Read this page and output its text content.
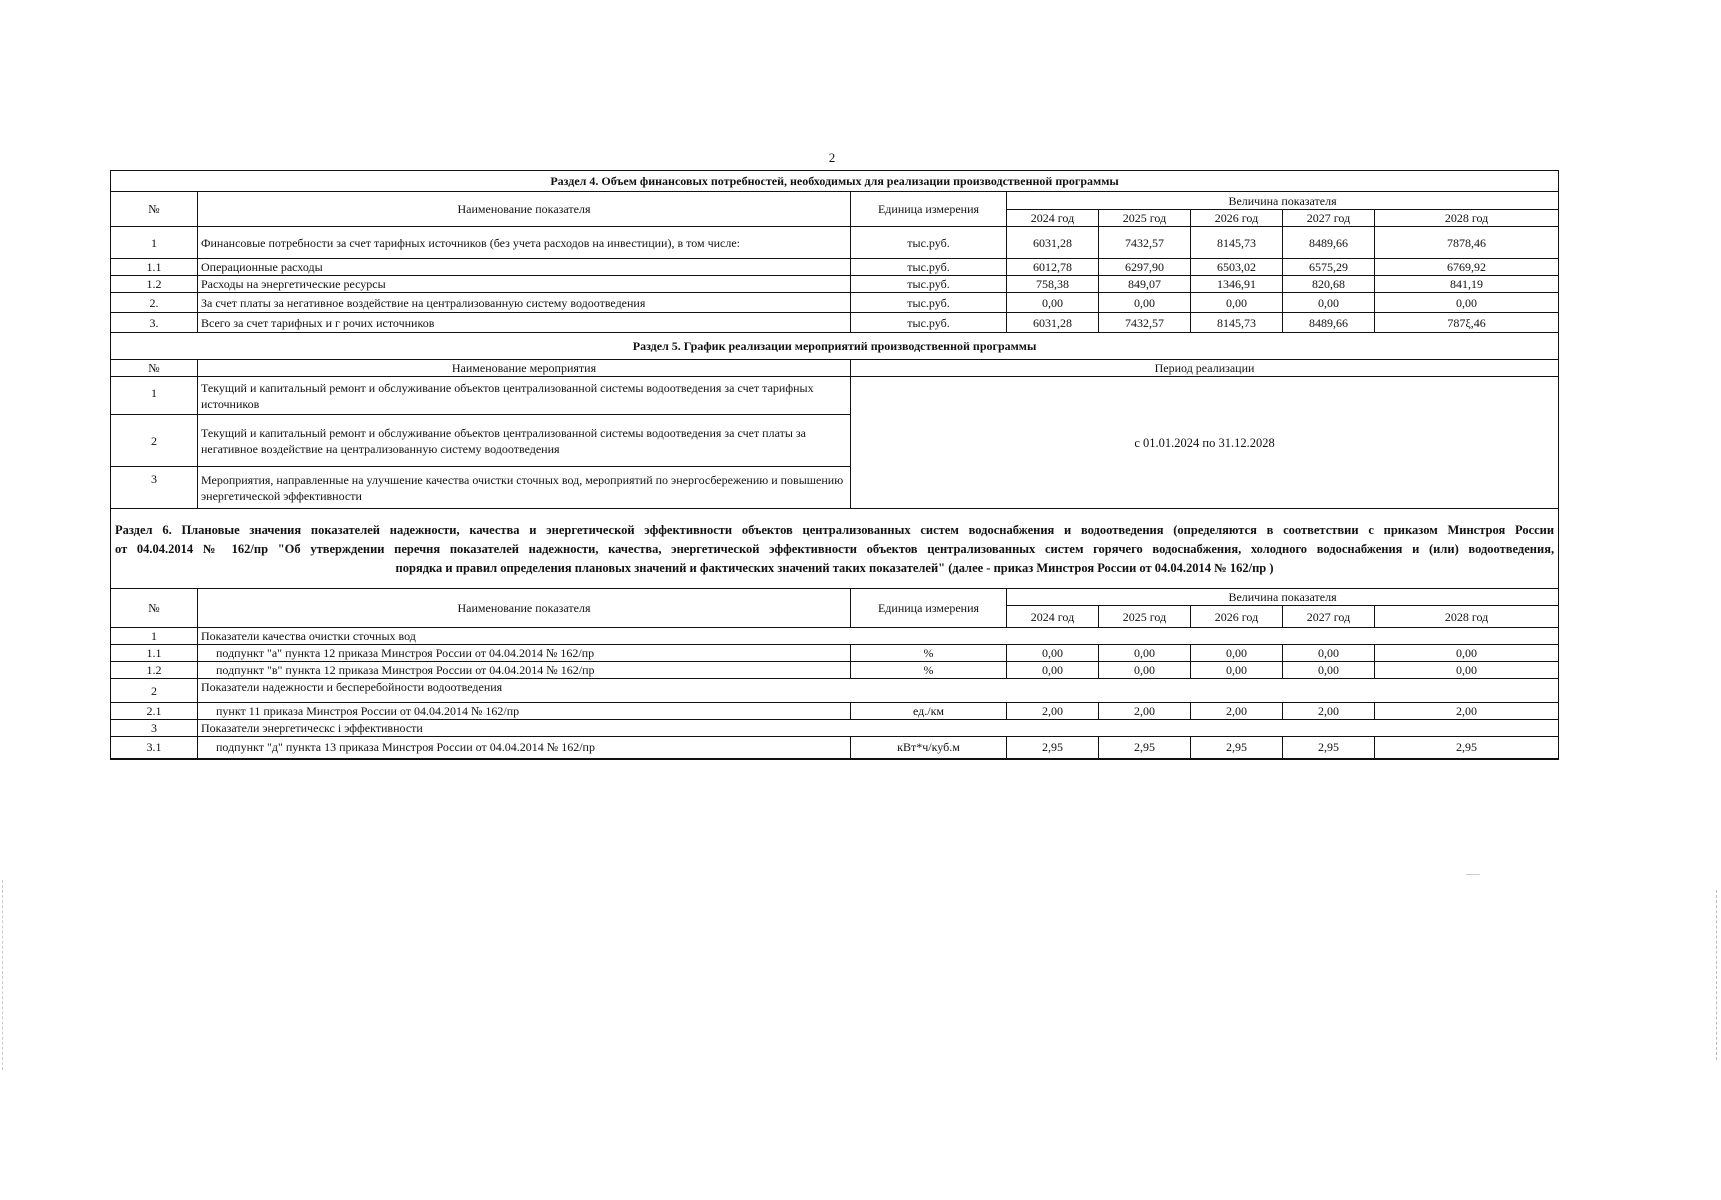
2
Раздел 4. Объем финансовых потребностей, необходимых для реализации производственной программы							
№	Наименование показателя	Единица измерения	Величина показателя				
			2024 год	2025 год	2026 год	2027 год	2028 год
1	Финансовые потребности за счет тарифных источников (без учета расходов на инвестиции), в том числе:	тыс.руб.	6031,28	7432,57	8145,73	8489,66	7878,46
1.1	Операционные расходы	тыс.руб.	6012,78	6297,90	6503,02	6575,29	6769,92
1.2	Расходы на энергетические ресурсы	тыс.руб.	758,38	849,07	1346,91	820,68	841,19
2.	За счет платы за негативное воздействие на централизованную систему водоотведения	тыс.руб.	0,00	0,00	0,00	0,00	0,00
3.	Всего за счет тарифных и г рочих источников	тыс.руб.	6031,28	7432,57	8145,73	8489,66	787ξ,46
Раздел 5. График реализации мероприятий производственной программы							
№	Наименование мероприятия	Период реализации					
1	Текущий и капитальный ремонт и обслуживание объектов централизованной системы водоотведения за счет тарифных источников	с 01.01.2024 по 31.12.2028					
2	Текущий и капитальный ремонт и обслуживание объектов централизованной системы водоотведения за счет платы за негативное воздействие на централизованную систему водоотведения						
3	Мероприятия, направленные на улучшение качества очистки сточных вод, мероприятий по энергосбережению и повышению энергетической эффективности						

Раздел 6. Плановые значения показателей надежности, качества и энергетической эффективности объектов централизованных систем водоснабжения и водоотведения (определяются в соответствии с приказом Минстроя России
от 04.04.2014 № 162/пр "Об утверждении перечня показателей надежности, качества, энергетической эффективности объектов централизованных систем горячего водоснабжения, холодного водоснабжения и (или) водоотведения,
порядка и правил определения плановых значений и фактических значений таких показателей" (далее - приказ Минстроя России от 04.04.2014 № 162/пр )							

№	Наименование показателя	Единица измерения	Величина показателя				
			2024 год	2025 год	2026 год	2027 год	2028 год
1	Показатели качества очистки сточных вод						
1.1	подпункт "а" пункта 12 приказа Минстроя России от 04.04.2014 № 162/пр	%	0,00	0,00	0,00	0,00	0,00
1.2	подпункт "в" пункта 12 приказа Минстроя России от 04.04.2014 № 162/пр	%	0,00	0,00	0,00	0,00	0,00
2	Показатели надежности и бесперебойности водоотведения						
2.1	пункт 11 приказа Минстроя России от 04.04.2014 № 162/пр	ед./км	2,00	2,00	2,00	2,00	2,00
3	Показатели энергетическс і эффективности						
3.1	подпункт "д" пункта 13 приказа Минстроя России от 04.04.2014 № 162/пр	кВт*ч/куб.м	2,95	2,95	2,95	2,95	2,95
